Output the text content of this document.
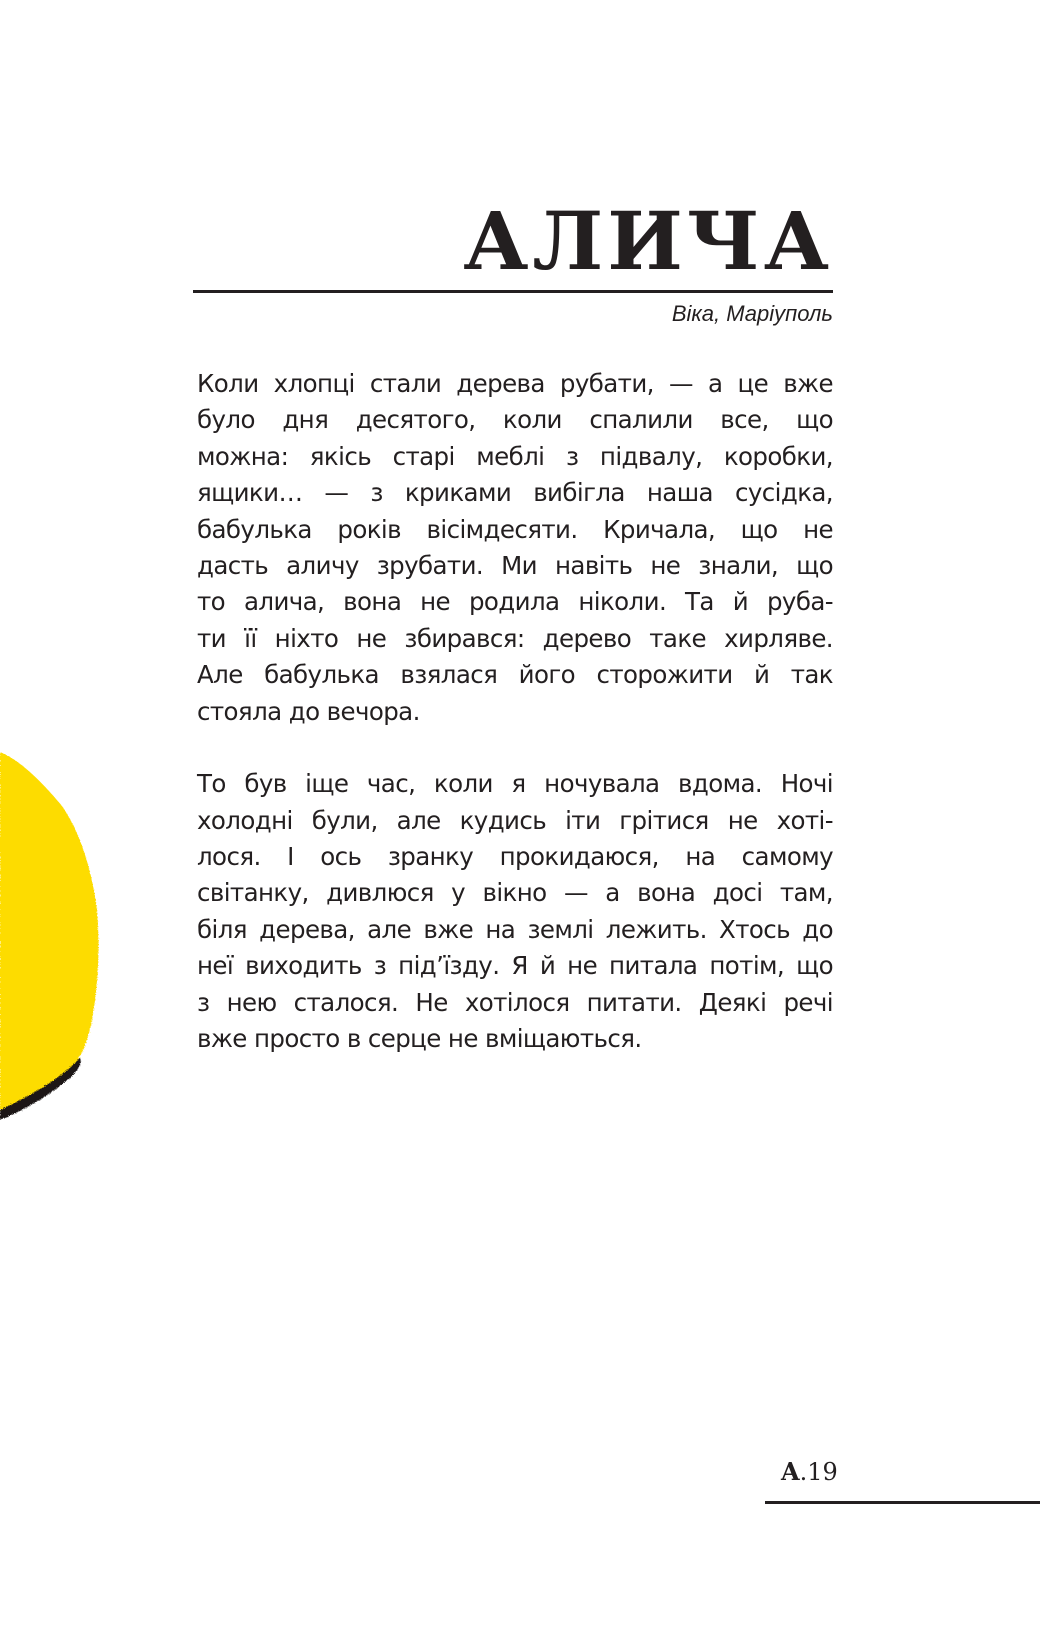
АЛИЧА
Віка, Маріуполь
Коли хлопці стали дерева рубати, — а це вже
було дня десятого, коли спалили все, що
можна: якісь старі меблі з підвалу, коробки,
ящики… — з криками вибігла наша сусідка,
бабулька років вісімдесяти. Кричала, що не
дасть аличу зрубати. Ми навіть не знали, що
то алича, вона не родила ніколи. Та й руба-
ти її ніхто не збирався: дерево таке хирляве.
Але бабулька взялася його сторожити й так
стояла до вечора.
То був іще час, коли я ночувала вдома. Ночі
холодні були, але кудись іти грітися не хоті-
лося. І ось зранку прокидаюся, на самому
світанку, дивлюся у вікно — а вона досі там,
біля дерева, але вже на землі лежить. Хтось до
неї виходить з під’їзду. Я й не питала потім, що
з нею сталося. Не хотілося питати. Деякі речі
вже просто в серце не вміщаються.
A.19
